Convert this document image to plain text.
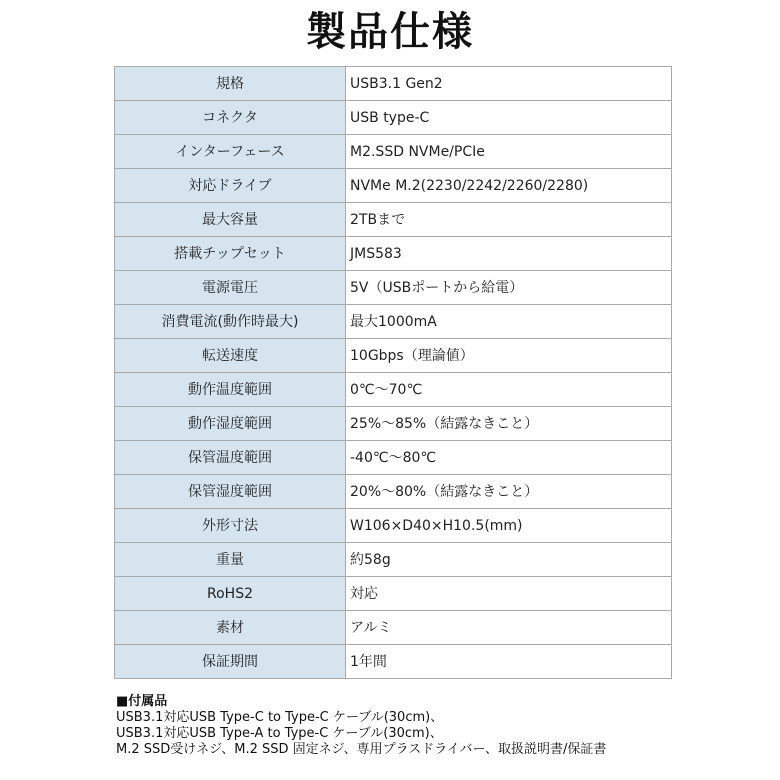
製品仕様
規格	USB3.1 Gen2
コネクタ	USB type-C
インターフェース	M2.SSD NVMe/PCIe
対応ドライブ	NVMe M.2(2230/2242/2260/2280)
最大容量	2TBまで
搭載チップセット	JMS583
電源電圧	5V（USBポートから給電）
消費電流(動作時最大)	最大1000mA
転送速度	10Gbps（理論値）
動作温度範囲	0℃～70℃
動作湿度範囲	25%～85%（結露なきこと）
保管温度範囲	-40℃～80℃
保管湿度範囲	20%～80%（結露なきこと）
外形寸法	W106×D40×H10.5(mm)
重量	約58g
RoHS2	対応
素材	アルミ
保証期間	1年間
■付属品
USB3.1対応USB Type-C to Type-C ケーブル(30cm)、
USB3.1対応USB Type-A to Type-C ケーブル(30cm)、
M.2 SSD受けネジ、M.2 SSD 固定ネジ、専用プラスドライバー、取扱説明書/保証書
